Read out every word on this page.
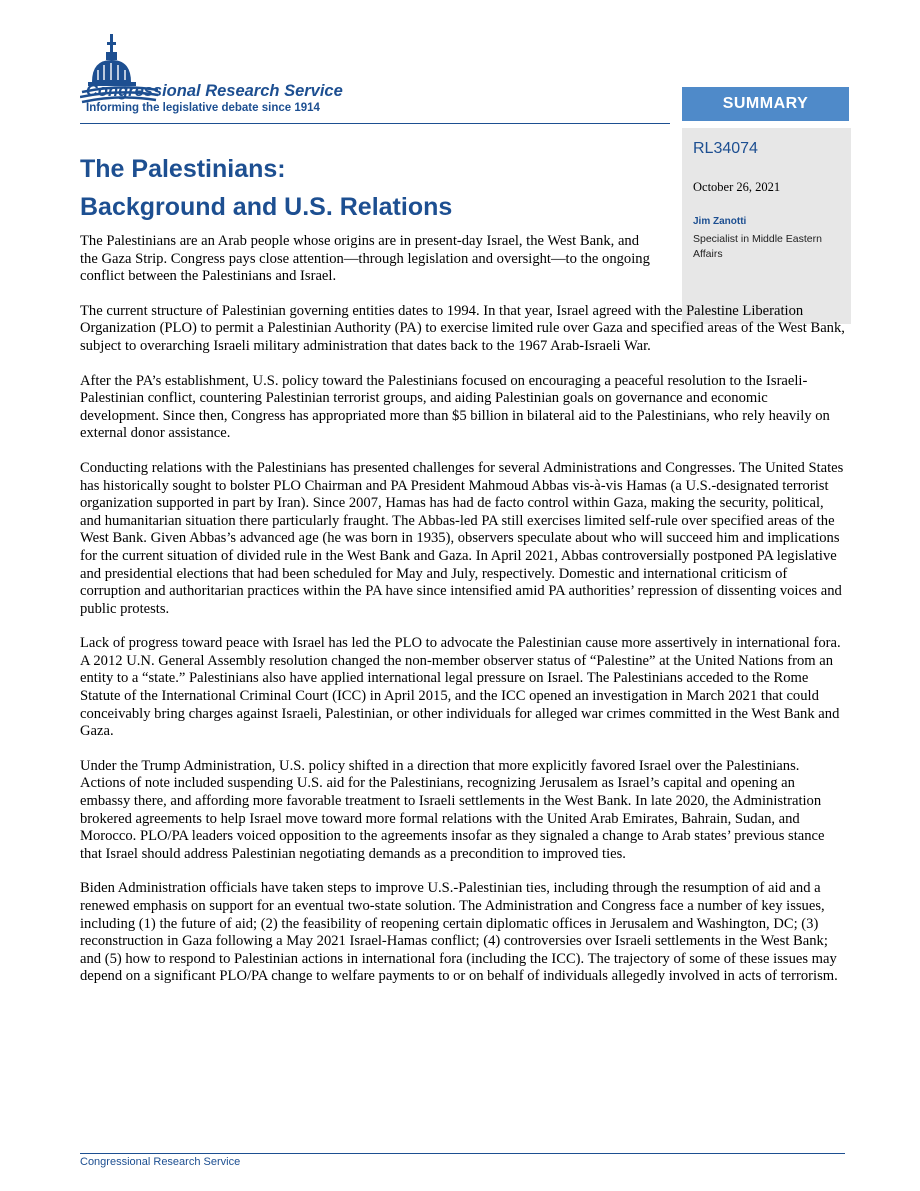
Congressional Research Service
Informing the legislative debate since 1914	SUMMARY
RL34074
October 26, 2021
Jim Zanotti
Specialist in Middle Eastern Affairs
The Palestinians:
Background and U.S. Relations

The Palestinians are an Arab people whose origins are in present-day Israel, the West Bank, and the Gaza Strip. Congress pays close attention—through legislation and oversight—to the ongoing conflict between the Palestinians and Israel.

The current structure of Palestinian governing entities dates to 1994. In that year, Israel agreed with the Palestine Liberation Organization (PLO) to permit a Palestinian Authority (PA) to exercise limited rule over Gaza and specified areas of the West Bank, subject to overarching Israeli military administration that dates back to the 1967 Arab-Israeli War.

After the PA’s establishment, U.S. policy toward the Palestinians focused on encouraging a peaceful resolution to the Israeli-Palestinian conflict, countering Palestinian terrorist groups, and aiding Palestinian goals on governance and economic development. Since then, Congress has appropriated more than $5 billion in bilateral aid to the Palestinians, who rely heavily on external donor assistance.

Conducting relations with the Palestinians has presented challenges for several Administrations and Congresses. The United States has historically sought to bolster PLO Chairman and PA President Mahmoud Abbas vis-à-vis Hamas (a U.S.-designated terrorist organization supported in part by Iran). Since 2007, Hamas has had de facto control within Gaza, making the security, political, and humanitarian situation there particularly fraught. The Abbas-led PA still exercises limited self-rule over specified areas of the West Bank. Given Abbas’s advanced age (he was born in 1935), observers speculate about who will succeed him and implications for the current situation of divided rule in the West Bank and Gaza. In April 2021, Abbas controversially postponed PA legislative and presidential elections that had been scheduled for May and July, respectively. Domestic and international criticism of corruption and authoritarian practices within the PA have since intensified amid PA authorities’ repression of dissenting voices and public protests.

Lack of progress toward peace with Israel has led the PLO to advocate the Palestinian cause more assertively in international fora. A 2012 U.N. General Assembly resolution changed the non-member observer status of “Palestine” at the United Nations from an entity to a “state.” Palestinians also have applied international legal pressure on Israel. The Palestinians acceded to the Rome Statute of the International Criminal Court (ICC) in April 2015, and the ICC opened an investigation in March 2021 that could conceivably bring charges against Israeli, Palestinian, or other individuals for alleged war crimes committed in the West Bank and Gaza.

Under the Trump Administration, U.S. policy shifted in a direction that more explicitly favored Israel over the Palestinians. Actions of note included suspending U.S. aid for the Palestinians, recognizing Jerusalem as Israel’s capital and opening an embassy there, and affording more favorable treatment to Israeli settlements in the West Bank. In late 2020, the Administration brokered agreements to help Israel move toward more formal relations with the United Arab Emirates, Bahrain, Sudan, and Morocco. PLO/PA leaders voiced opposition to the agreements insofar as they signaled a change to Arab states’ previous stance that Israel should address Palestinian negotiating demands as a precondition to improved ties.

Biden Administration officials have taken steps to improve U.S.-Palestinian ties, including through the resumption of aid and a renewed emphasis on support for an eventual two-state solution. The Administration and Congress face a number of key issues, including (1) the future of aid; (2) the feasibility of reopening certain diplomatic offices in Jerusalem and Washington, DC; (3) reconstruction in Gaza following a May 2021 Israel-Hamas conflict; (4) controversies over Israeli settlements in the West Bank; and (5) how to respond to Palestinian actions in international fora (including the ICC). The trajectory of some of these issues may depend on a significant PLO/PA change to welfare payments to or on behalf of individuals allegedly involved in acts of terrorism.

Congressional Research Service
